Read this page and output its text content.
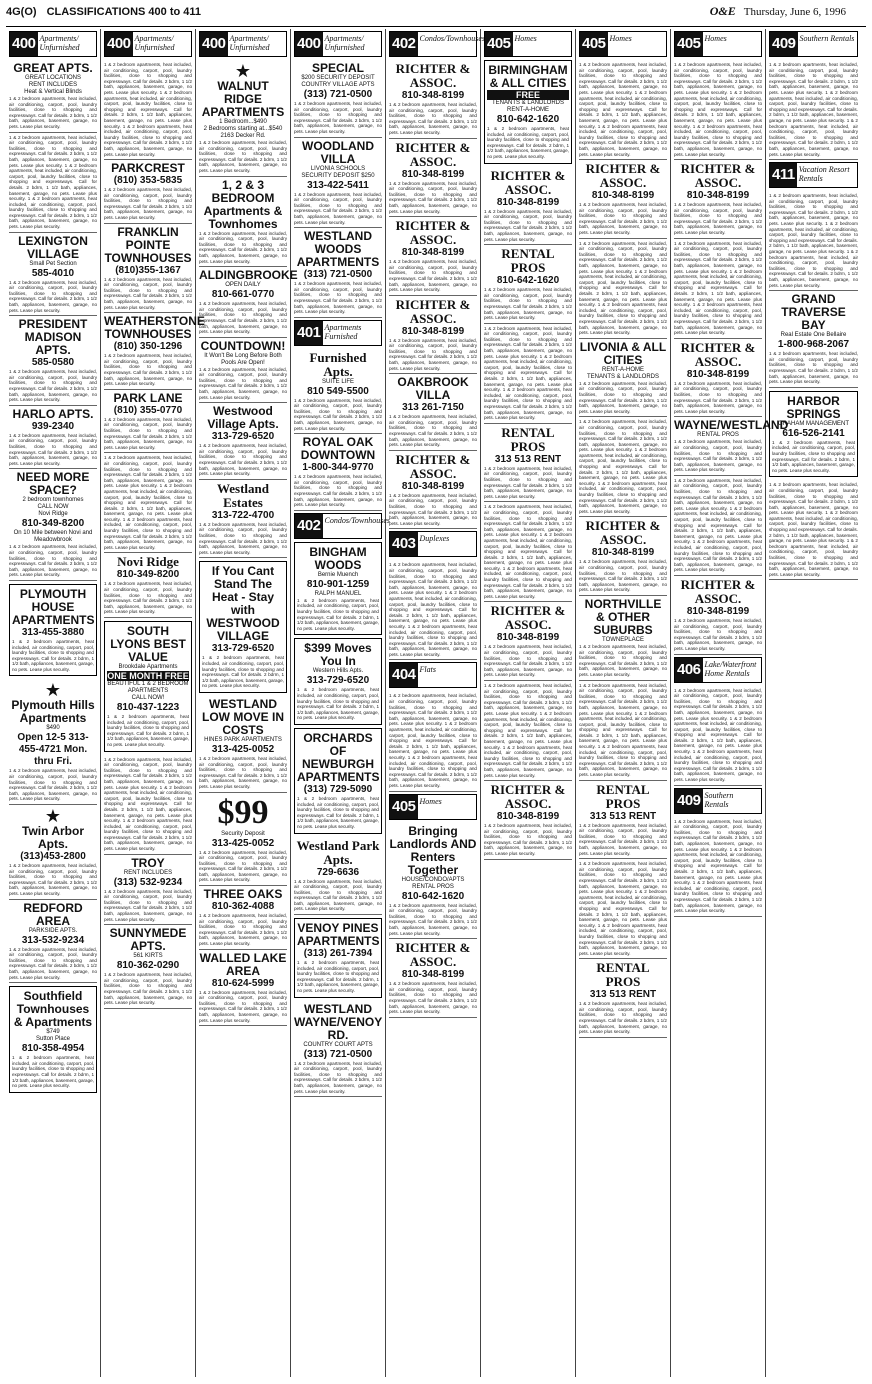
4G(O) CLASSIFICATIONS 400 to 411	O&E Thursday, June 6, 1996
400 Apartments/ Unfurnished
GREAT APTS.
GREAT LOCATIONS
RENT INCLUDES
Heat & Vertical Blinds
1 & 2 bedroom apartments, heat included, air conditioning, carport, pool, laundry facilities, close to shopping and expressways. Call for details. 2 bdrm, 1 1/2 bath, appliances, basement, garage, no pets. Lease plus security.
1 & 2 bedroom apartments, heat included, air conditioning, carport, pool, laundry facilities, close to shopping and expressways. Call for details. 2 bdrm, 1 1/2 bath, appliances, basement, garage, no pets. Lease plus security. 1 & 2 bedroom apartments, heat included, air conditioning, carport, pool, laundry facilities, close to shopping and expressways. Call for details. 2 bdrm, 1 1/2 bath, appliances, basement, garage, no pets. Lease plus security. 1 & 2 bedroom apartments, heat included, air conditioning, carport, pool, laundry facilities, close to shopping and expressways. Call for details. 2 bdrm, 1 1/2 bath, appliances, basement, garage, no pets. Lease plus security.
LEXINGTON VILLAGE
Small Pet Section
585-4010
1 & 2 bedroom apartments, heat included, air conditioning, carport, pool, laundry facilities, close to shopping and expressways. Call for details. 2 bdrm, 1 1/2 bath, appliances, basement, garage, no pets. Lease plus security.
PRESIDENT MADISON APTS.
585-0580
1 & 2 bedroom apartments, heat included, air conditioning, carport, pool, laundry facilities, close to shopping and expressways. Call for details. 2 bdrm, 1 1/2 bath, appliances, basement, garage, no pets. Lease plus security.
HARLO APTS.
939-2340
1 & 2 bedroom apartments, heat included, air conditioning, carport, pool, laundry facilities, close to shopping and expressways. Call for details. 2 bdrm, 1 1/2 bath, appliances, basement, garage, no pets. Lease plus security.
NEED MORE SPACE?
2 bedroom townhomes
CALL NOW
Novi Ridge
810-349-8200
On 10 Mile between Novi and Meadowbrook
1 & 2 bedroom apartments, heat included, air conditioning, carport, pool, laundry facilities, close to shopping and expressways. Call for details. 2 bdrm, 1 1/2 bath, appliances, basement, garage, no pets. Lease plus security.
PLYMOUTH HOUSE APARTMENTS
313-455-3880
1 & 2 bedroom apartments, heat included, air conditioning, carport, pool, laundry facilities, close to shopping and expressways. Call for details. 2 bdrm, 1 1/2 bath, appliances, basement, garage, no pets. Lease plus security.
★
Plymouth Hills Apartments
$490
Open 12-5 313-455-4721 Mon. thru Fri.
1 & 2 bedroom apartments, heat included, air conditioning, carport, pool, laundry facilities, close to shopping and expressways. Call for details. 2 bdrm, 1 1/2 bath, appliances, basement, garage, no pets. Lease plus security.
★
Twin Arbor Apts.
(313)453-2800
1 & 2 bedroom apartments, heat included, air conditioning, carport, pool, laundry facilities, close to shopping and expressways. Call for details. 2 bdrm, 1 1/2 bath, appliances, basement, garage, no pets. Lease plus security.
REDFORD AREA
PARKSIDE APTS.
313-532-9234
1 & 2 bedroom apartments, heat included, air conditioning, carport, pool, laundry facilities, close to shopping and expressways. Call for details. 2 bdrm, 1 1/2 bath, appliances, basement, garage, no pets. Lease plus security.
Southfield Townhouses & Apartments
$749
Sutton Place
810-358-4954
1 & 2 bedroom apartments, heat included, air conditioning, carport, pool, laundry facilities, close to shopping and expressways. Call for details. 2 bdrm, 1 1/2 bath, appliances, basement, garage, no pets. Lease plus security.
400 Apartments/ Unfurnished
1 & 2 bedroom apartments, heat included, air conditioning, carport, pool, laundry facilities, close to shopping and expressways. Call for details. 2 bdrm, 1 1/2 bath, appliances, basement, garage, no pets. Lease plus security. 1 & 2 bedroom apartments, heat included, air conditioning, carport, pool, laundry facilities, close to shopping and expressways. Call for details. 2 bdrm, 1 1/2 bath, appliances, basement, garage, no pets. Lease plus security. 1 & 2 bedroom apartments, heat included, air conditioning, carport, pool, laundry facilities, close to shopping and expressways. Call for details. 2 bdrm, 1 1/2 bath, appliances, basement, garage, no pets. Lease plus security.
PARKCREST
(810) 353-5835
1 & 2 bedroom apartments, heat included, air conditioning, carport, pool, laundry facilities, close to shopping and expressways. Call for details. 2 bdrm, 1 1/2 bath, appliances, basement, garage, no pets. Lease plus security.
FRANKLIN POINTE TOWNHOUSES
(810)355-1367
1 & 2 bedroom apartments, heat included, air conditioning, carport, pool, laundry facilities, close to shopping and expressways. Call for details. 2 bdrm, 1 1/2 bath, appliances, basement, garage, no pets. Lease plus security.
WEATHERSTONE TOWNHOUSES
(810) 350-1296
1 & 2 bedroom apartments, heat included, air conditioning, carport, pool, laundry facilities, close to shopping and expressways. Call for details. 2 bdrm, 1 1/2 bath, appliances, basement, garage, no pets. Lease plus security.
PARK LANE
(810) 355-0770
1 & 2 bedroom apartments, heat included, air conditioning, carport, pool, laundry facilities, close to shopping and expressways. Call for details. 2 bdrm, 1 1/2 bath, appliances, basement, garage, no pets. Lease plus security.
1 & 2 bedroom apartments, heat included, air conditioning, carport, pool, laundry facilities, close to shopping and expressways. Call for details. 2 bdrm, 1 1/2 bath, appliances, basement, garage, no pets. Lease plus security. 1 & 2 bedroom apartments, heat included, air conditioning, carport, pool, laundry facilities, close to shopping and expressways. Call for details. 2 bdrm, 1 1/2 bath, appliances, basement, garage, no pets. Lease plus security. 1 & 2 bedroom apartments, heat included, air conditioning, carport, pool, laundry facilities, close to shopping and expressways. Call for details. 2 bdrm, 1 1/2 bath, appliances, basement, garage, no pets. Lease plus security.
Novi Ridge
810-349-8200
1 & 2 bedroom apartments, heat included, air conditioning, carport, pool, laundry facilities, close to shopping and expressways. Call for details. 2 bdrm, 1 1/2 bath, appliances, basement, garage, no pets. Lease plus security.
SOUTH LYONS BEST VALUE
Brookdale Apartments
ONE MONTH FREE
BEAUTIFUL 1 & 2 BEDROOM APARTMENTS
CALL NOW!
810-437-1223
1 & 2 bedroom apartments, heat included, air conditioning, carport, pool, laundry facilities, close to shopping and expressways. Call for details. 2 bdrm, 1 1/2 bath, appliances, basement, garage, no pets. Lease plus security.
1 & 2 bedroom apartments, heat included, air conditioning, carport, pool, laundry facilities, close to shopping and expressways. Call for details. 2 bdrm, 1 1/2 bath, appliances, basement, garage, no pets. Lease plus security. 1 & 2 bedroom apartments, heat included, air conditioning, carport, pool, laundry facilities, close to shopping and expressways. Call for details. 2 bdrm, 1 1/2 bath, appliances, basement, garage, no pets. Lease plus security. 1 & 2 bedroom apartments, heat included, air conditioning, carport, pool, laundry facilities, close to shopping and expressways. Call for details. 2 bdrm, 1 1/2 bath, appliances, basement, garage, no pets. Lease plus security.
TROY
RENT INCLUDES
(313) 532-9234
1 & 2 bedroom apartments, heat included, air conditioning, carport, pool, laundry facilities, close to shopping and expressways. Call for details. 2 bdrm, 1 1/2 bath, appliances, basement, garage, no pets. Lease plus security.
SUNNYMEDE APTS.
561 KIRTS
810-362-0290
1 & 2 bedroom apartments, heat included, air conditioning, carport, pool, laundry facilities, close to shopping and expressways. Call for details. 2 bdrm, 1 1/2 bath, appliances, basement, garage, no pets. Lease plus security.
400 Apartments/ Unfurnished
★
WALNUT RIDGE APARTMENTS
1 Bedroom...$490
2 Bedrooms starting at...$540
2163 Decker Rd.
1 & 2 bedroom apartments, heat included, air conditioning, carport, pool, laundry facilities, close to shopping and expressways. Call for details. 2 bdrm, 1 1/2 bath, appliances, basement, garage, no pets. Lease plus security.
1, 2 & 3 BEDROOM Apartments & Townhomes
1 & 2 bedroom apartments, heat included, air conditioning, carport, pool, laundry facilities, close to shopping and expressways. Call for details. 2 bdrm, 1 1/2 bath, appliances, basement, garage, no pets. Lease plus security.
ALDINGBROOKE
OPEN DAILY
810-661-0770
1 & 2 bedroom apartments, heat included, air conditioning, carport, pool, laundry facilities, close to shopping and expressways. Call for details. 2 bdrm, 1 1/2 bath, appliances, basement, garage, no pets. Lease plus security.
COUNTDOWN!
It Won't Be Long Before Both Pools Are Open!
1 & 2 bedroom apartments, heat included, air conditioning, carport, pool, laundry facilities, close to shopping and expressways. Call for details. 2 bdrm, 1 1/2 bath, appliances, basement, garage, no pets. Lease plus security.
Westwood Village Apts.
313-729-6520
1 & 2 bedroom apartments, heat included, air conditioning, carport, pool, laundry facilities, close to shopping and expressways. Call for details. 2 bdrm, 1 1/2 bath, appliances, basement, garage, no pets. Lease plus security.
Westland Estates
313-722-4700
1 & 2 bedroom apartments, heat included, air conditioning, carport, pool, laundry facilities, close to shopping and expressways. Call for details. 2 bdrm, 1 1/2 bath, appliances, basement, garage, no pets. Lease plus security.
If You Cant Stand The Heat - Stay with WESTWOOD VILLAGE
313-729-6520
1 & 2 bedroom apartments, heat included, air conditioning, carport, pool, laundry facilities, close to shopping and expressways. Call for details. 2 bdrm, 1 1/2 bath, appliances, basement, garage, no pets. Lease plus security.
WESTLAND LOW MOVE IN COSTS
HINES PARK APARTMENTS
313-425-0052
1 & 2 bedroom apartments, heat included, air conditioning, carport, pool, laundry facilities, close to shopping and expressways. Call for details. 2 bdrm, 1 1/2 bath, appliances, basement, garage, no pets. Lease plus security.
$99
Security Deposit
313-425-0052
1 & 2 bedroom apartments, heat included, air conditioning, carport, pool, laundry facilities, close to shopping and expressways. Call for details. 2 bdrm, 1 1/2 bath, appliances, basement, garage, no pets. Lease plus security.
THREE OAKS
810-362-4088
1 & 2 bedroom apartments, heat included, air conditioning, carport, pool, laundry facilities, close to shopping and expressways. Call for details. 2 bdrm, 1 1/2 bath, appliances, basement, garage, no pets. Lease plus security.
WALLED LAKE AREA
810-624-5999
1 & 2 bedroom apartments, heat included, air conditioning, carport, pool, laundry facilities, close to shopping and expressways. Call for details. 2 bdrm, 1 1/2 bath, appliances, basement, garage, no pets. Lease plus security.
400 Apartments/ Unfurnished
SPECIAL
$200 SECURITY DEPOSIT
COUNTRY VILLAGE APTS
(313) 721-0500
1 & 2 bedroom apartments, heat included, air conditioning, carport, pool, laundry facilities, close to shopping and expressways. Call for details. 2 bdrm, 1 1/2 bath, appliances, basement, garage, no pets. Lease plus security.
WOODLAND VILLA
LIVONIA SCHOOLS
SECURITY DEPOSIT $250
313-422-5411
1 & 2 bedroom apartments, heat included, air conditioning, carport, pool, laundry facilities, close to shopping and expressways. Call for details. 2 bdrm, 1 1/2 bath, appliances, basement, garage, no pets. Lease plus security.
WESTLAND WOODS APARTMENTS
(313) 721-0500
1 & 2 bedroom apartments, heat included, air conditioning, carport, pool, laundry facilities, close to shopping and expressways. Call for details. 2 bdrm, 1 1/2 bath, appliances, basement, garage, no pets. Lease plus security.
401 Apartments Furnished
Furnished Apts.
SUITE LIFE
810 549-5500
1 & 2 bedroom apartments, heat included, air conditioning, carport, pool, laundry facilities, close to shopping and expressways. Call for details. 2 bdrm, 1 1/2 bath, appliances, basement, garage, no pets. Lease plus security.
ROYAL OAK DOWNTOWN
1-800-344-9770
1 & 2 bedroom apartments, heat included, air conditioning, carport, pool, laundry facilities, close to shopping and expressways. Call for details. 2 bdrm, 1 1/2 bath, appliances, basement, garage, no pets. Lease plus security.
402 Condos/Townhouses
BINGHAM WOODS
Bernie Muench
810-901-1259
RALPH MANUEL
1 & 2 bedroom apartments, heat included, air conditioning, carport, pool, laundry facilities, close to shopping and expressways. Call for details. 2 bdrm, 1 1/2 bath, appliances, basement, garage, no pets. Lease plus security.
$399 Moves You In
Western Hills Apts.
313-729-6520
1 & 2 bedroom apartments, heat included, air conditioning, carport, pool, laundry facilities, close to shopping and expressways. Call for details. 2 bdrm, 1 1/2 bath, appliances, basement, garage, no pets. Lease plus security.
ORCHARDS OF NEWBURGH APARTMENTS
(313) 729-5090
1 & 2 bedroom apartments, heat included, air conditioning, carport, pool, laundry facilities, close to shopping and expressways. Call for details. 2 bdrm, 1 1/2 bath, appliances, basement, garage, no pets. Lease plus security.
Westland Park Apts.
729-6636
1 & 2 bedroom apartments, heat included, air conditioning, carport, pool, laundry facilities, close to shopping and expressways. Call for details. 2 bdrm, 1 1/2 bath, appliances, basement, garage, no pets. Lease plus security.
VENOY PINES APARTMENTS
(313) 261-7394
1 & 2 bedroom apartments, heat included, air conditioning, carport, pool, laundry facilities, close to shopping and expressways. Call for details. 2 bdrm, 1 1/2 bath, appliances, basement, garage, no pets. Lease plus security.
WESTLAND WAYNE/VENOY RD.
COUNTRY COURT APTS
(313) 721-0500
1 & 2 bedroom apartments, heat included, air conditioning, carport, pool, laundry facilities, close to shopping and expressways. Call for details. 2 bdrm, 1 1/2 bath, appliances, basement, garage, no pets. Lease plus security.
402 Condos/Townhouses
RICHTER & ASSOC.
810-348-8199
1 & 2 bedroom apartments, heat included, air conditioning, carport, pool, laundry facilities, close to shopping and expressways. Call for details. 2 bdrm, 1 1/2 bath, appliances, basement, garage, no pets. Lease plus security.
RICHTER & ASSOC.
810-348-8199
1 & 2 bedroom apartments, heat included, air conditioning, carport, pool, laundry facilities, close to shopping and expressways. Call for details. 2 bdrm, 1 1/2 bath, appliances, basement, garage, no pets. Lease plus security.
RICHTER & ASSOC.
810-348-8199
1 & 2 bedroom apartments, heat included, air conditioning, carport, pool, laundry facilities, close to shopping and expressways. Call for details. 2 bdrm, 1 1/2 bath, appliances, basement, garage, no pets. Lease plus security.
RICHTER & ASSOC.
810-348-8199
1 & 2 bedroom apartments, heat included, air conditioning, carport, pool, laundry facilities, close to shopping and expressways. Call for details. 2 bdrm, 1 1/2 bath, appliances, basement, garage, no pets. Lease plus security.
OAKBROOK VILLA
313 261-7150
1 & 2 bedroom apartments, heat included, air conditioning, carport, pool, laundry facilities, close to shopping and expressways. Call for details. 2 bdrm, 1 1/2 bath, appliances, basement, garage, no pets. Lease plus security.
RICHTER & ASSOC.
810-348-8199
1 & 2 bedroom apartments, heat included, air conditioning, carport, pool, laundry facilities, close to shopping and expressways. Call for details. 2 bdrm, 1 1/2 bath, appliances, basement, garage, no pets. Lease plus security.
403 Duplexes
1 & 2 bedroom apartments, heat included, air conditioning, carport, pool, laundry facilities, close to shopping and expressways. Call for details. 2 bdrm, 1 1/2 bath, appliances, basement, garage, no pets. Lease plus security. 1 & 2 bedroom apartments, heat included, air conditioning, carport, pool, laundry facilities, close to shopping and expressways. Call for details. 2 bdrm, 1 1/2 bath, appliances, basement, garage, no pets. Lease plus security. 1 & 2 bedroom apartments, heat included, air conditioning, carport, pool, laundry facilities, close to shopping and expressways. Call for details. 2 bdrm, 1 1/2 bath, appliances, basement, garage, no pets. Lease plus security.
404 Flats
1 & 2 bedroom apartments, heat included, air conditioning, carport, pool, laundry facilities, close to shopping and expressways. Call for details. 2 bdrm, 1 1/2 bath, appliances, basement, garage, no pets. Lease plus security. 1 & 2 bedroom apartments, heat included, air conditioning, carport, pool, laundry facilities, close to shopping and expressways. Call for details. 2 bdrm, 1 1/2 bath, appliances, basement, garage, no pets. Lease plus security. 1 & 2 bedroom apartments, heat included, air conditioning, carport, pool, laundry facilities, close to shopping and expressways. Call for details. 2 bdrm, 1 1/2 bath, appliances, basement, garage, no pets. Lease plus security.
405 Homes
Bringing Landlords AND Renters Together
HOUSE/CONDO/APTS
RENTAL PROS
810-642-1620
1 & 2 bedroom apartments, heat included, air conditioning, carport, pool, laundry facilities, close to shopping and expressways. Call for details. 2 bdrm, 1 1/2 bath, appliances, basement, garage, no pets. Lease plus security.
RICHTER & ASSOC.
810-348-8199
1 & 2 bedroom apartments, heat included, air conditioning, carport, pool, laundry facilities, close to shopping and expressways. Call for details. 2 bdrm, 1 1/2 bath, appliances, basement, garage, no pets. Lease plus security.
405 Homes
BIRMINGHAM & ALL CITIES
FREE
TENANTS & LANDLORDS
RENT-A-HOME
810-642-1620
1 & 2 bedroom apartments, heat included, air conditioning, carport, pool, laundry facilities, close to shopping and expressways. Call for details. 2 bdrm, 1 1/2 bath, appliances, basement, garage, no pets. Lease plus security.
RICHTER & ASSOC.
810-348-8199
1 & 2 bedroom apartments, heat included, air conditioning, carport, pool, laundry facilities, close to shopping and expressways. Call for details. 2 bdrm, 1 1/2 bath, appliances, basement, garage, no pets. Lease plus security.
RENTAL PROS
810-642-1620
1 & 2 bedroom apartments, heat included, air conditioning, carport, pool, laundry facilities, close to shopping and expressways. Call for details. 2 bdrm, 1 1/2 bath, appliances, basement, garage, no pets. Lease plus security.
1 & 2 bedroom apartments, heat included, air conditioning, carport, pool, laundry facilities, close to shopping and expressways. Call for details. 2 bdrm, 1 1/2 bath, appliances, basement, garage, no pets. Lease plus security. 1 & 2 bedroom apartments, heat included, air conditioning, carport, pool, laundry facilities, close to shopping and expressways. Call for details. 2 bdrm, 1 1/2 bath, appliances, basement, garage, no pets. Lease plus security. 1 & 2 bedroom apartments, heat included, air conditioning, carport, pool, laundry facilities, close to shopping and expressways. Call for details. 2 bdrm, 1 1/2 bath, appliances, basement, garage, no pets. Lease plus security.
RENTAL PROS
313 513 RENT
1 & 2 bedroom apartments, heat included, air conditioning, carport, pool, laundry facilities, close to shopping and expressways. Call for details. 2 bdrm, 1 1/2 bath, appliances, basement, garage, no pets. Lease plus security.
1 & 2 bedroom apartments, heat included, air conditioning, carport, pool, laundry facilities, close to shopping and expressways. Call for details. 2 bdrm, 1 1/2 bath, appliances, basement, garage, no pets. Lease plus security. 1 & 2 bedroom apartments, heat included, air conditioning, carport, pool, laundry facilities, close to shopping and expressways. Call for details. 2 bdrm, 1 1/2 bath, appliances, basement, garage, no pets. Lease plus security. 1 & 2 bedroom apartments, heat included, air conditioning, carport, pool, laundry facilities, close to shopping and expressways. Call for details. 2 bdrm, 1 1/2 bath, appliances, basement, garage, no pets. Lease plus security.
RICHTER & ASSOC.
810-348-8199
1 & 2 bedroom apartments, heat included, air conditioning, carport, pool, laundry facilities, close to shopping and expressways. Call for details. 2 bdrm, 1 1/2 bath, appliances, basement, garage, no pets. Lease plus security.
1 & 2 bedroom apartments, heat included, air conditioning, carport, pool, laundry facilities, close to shopping and expressways. Call for details. 2 bdrm, 1 1/2 bath, appliances, basement, garage, no pets. Lease plus security. 1 & 2 bedroom apartments, heat included, air conditioning, carport, pool, laundry facilities, close to shopping and expressways. Call for details. 2 bdrm, 1 1/2 bath, appliances, basement, garage, no pets. Lease plus security. 1 & 2 bedroom apartments, heat included, air conditioning, carport, pool, laundry facilities, close to shopping and expressways. Call for details. 2 bdrm, 1 1/2 bath, appliances, basement, garage, no pets. Lease plus security.
RICHTER & ASSOC.
810-348-8199
1 & 2 bedroom apartments, heat included, air conditioning, carport, pool, laundry facilities, close to shopping and expressways. Call for details. 2 bdrm, 1 1/2 bath, appliances, basement, garage, no pets. Lease plus security.
405 Homes
1 & 2 bedroom apartments, heat included, air conditioning, carport, pool, laundry facilities, close to shopping and expressways. Call for details. 2 bdrm, 1 1/2 bath, appliances, basement, garage, no pets. Lease plus security. 1 & 2 bedroom apartments, heat included, air conditioning, carport, pool, laundry facilities, close to shopping and expressways. Call for details. 2 bdrm, 1 1/2 bath, appliances, basement, garage, no pets. Lease plus security. 1 & 2 bedroom apartments, heat included, air conditioning, carport, pool, laundry facilities, close to shopping and expressways. Call for details. 2 bdrm, 1 1/2 bath, appliances, basement, garage, no pets. Lease plus security.
RICHTER & ASSOC.
810-348-8199
1 & 2 bedroom apartments, heat included, air conditioning, carport, pool, laundry facilities, close to shopping and expressways. Call for details. 2 bdrm, 1 1/2 bath, appliances, basement, garage, no pets. Lease plus security.
1 & 2 bedroom apartments, heat included, air conditioning, carport, pool, laundry facilities, close to shopping and expressways. Call for details. 2 bdrm, 1 1/2 bath, appliances, basement, garage, no pets. Lease plus security. 1 & 2 bedroom apartments, heat included, air conditioning, carport, pool, laundry facilities, close to shopping and expressways. Call for details. 2 bdrm, 1 1/2 bath, appliances, basement, garage, no pets. Lease plus security. 1 & 2 bedroom apartments, heat included, air conditioning, carport, pool, laundry facilities, close to shopping and expressways. Call for details. 2 bdrm, 1 1/2 bath, appliances, basement, garage, no pets. Lease plus security.
LIVONIA & ALL CITIES
RENT-A-HOME
TENANTS & LANDLORDS
1 & 2 bedroom apartments, heat included, air conditioning, carport, pool, laundry facilities, close to shopping and expressways. Call for details. 2 bdrm, 1 1/2 bath, appliances, basement, garage, no pets. Lease plus security.
1 & 2 bedroom apartments, heat included, air conditioning, carport, pool, laundry facilities, close to shopping and expressways. Call for details. 2 bdrm, 1 1/2 bath, appliances, basement, garage, no pets. Lease plus security. 1 & 2 bedroom apartments, heat included, air conditioning, carport, pool, laundry facilities, close to shopping and expressways. Call for details. 2 bdrm, 1 1/2 bath, appliances, basement, garage, no pets. Lease plus security. 1 & 2 bedroom apartments, heat included, air conditioning, carport, pool, laundry facilities, close to shopping and expressways. Call for details. 2 bdrm, 1 1/2 bath, appliances, basement, garage, no pets. Lease plus security.
RICHTER & ASSOC.
810-348-8199
1 & 2 bedroom apartments, heat included, air conditioning, carport, pool, laundry facilities, close to shopping and expressways. Call for details. 2 bdrm, 1 1/2 bath, appliances, basement, garage, no pets. Lease plus security.
NORTHVILLE & OTHER SUBURBS
TOWNEPLACE
1 & 2 bedroom apartments, heat included, air conditioning, carport, pool, laundry facilities, close to shopping and expressways. Call for details. 2 bdrm, 1 1/2 bath, appliances, basement, garage, no pets. Lease plus security.
1 & 2 bedroom apartments, heat included, air conditioning, carport, pool, laundry facilities, close to shopping and expressways. Call for details. 2 bdrm, 1 1/2 bath, appliances, basement, garage, no pets. Lease plus security. 1 & 2 bedroom apartments, heat included, air conditioning, carport, pool, laundry facilities, close to shopping and expressways. Call for details. 2 bdrm, 1 1/2 bath, appliances, basement, garage, no pets. Lease plus security. 1 & 2 bedroom apartments, heat included, air conditioning, carport, pool, laundry facilities, close to shopping and expressways. Call for details. 2 bdrm, 1 1/2 bath, appliances, basement, garage, no pets. Lease plus security.
RENTAL PROS
313 513 RENT
1 & 2 bedroom apartments, heat included, air conditioning, carport, pool, laundry facilities, close to shopping and expressways. Call for details. 2 bdrm, 1 1/2 bath, appliances, basement, garage, no pets. Lease plus security.
1 & 2 bedroom apartments, heat included, air conditioning, carport, pool, laundry facilities, close to shopping and expressways. Call for details. 2 bdrm, 1 1/2 bath, appliances, basement, garage, no pets. Lease plus security. 1 & 2 bedroom apartments, heat included, air conditioning, carport, pool, laundry facilities, close to shopping and expressways. Call for details. 2 bdrm, 1 1/2 bath, appliances, basement, garage, no pets. Lease plus security. 1 & 2 bedroom apartments, heat included, air conditioning, carport, pool, laundry facilities, close to shopping and expressways. Call for details. 2 bdrm, 1 1/2 bath, appliances, basement, garage, no pets. Lease plus security.
RENTAL PROS
313 513 RENT
1 & 2 bedroom apartments, heat included, air conditioning, carport, pool, laundry facilities, close to shopping and expressways. Call for details. 2 bdrm, 1 1/2 bath, appliances, basement, garage, no pets. Lease plus security.
405 Homes
1 & 2 bedroom apartments, heat included, air conditioning, carport, pool, laundry facilities, close to shopping and expressways. Call for details. 2 bdrm, 1 1/2 bath, appliances, basement, garage, no pets. Lease plus security. 1 & 2 bedroom apartments, heat included, air conditioning, carport, pool, laundry facilities, close to shopping and expressways. Call for details. 2 bdrm, 1 1/2 bath, appliances, basement, garage, no pets. Lease plus security. 1 & 2 bedroom apartments, heat included, air conditioning, carport, pool, laundry facilities, close to shopping and expressways. Call for details. 2 bdrm, 1 1/2 bath, appliances, basement, garage, no pets. Lease plus security.
RICHTER & ASSOC.
810-348-8199
1 & 2 bedroom apartments, heat included, air conditioning, carport, pool, laundry facilities, close to shopping and expressways. Call for details. 2 bdrm, 1 1/2 bath, appliances, basement, garage, no pets. Lease plus security.
1 & 2 bedroom apartments, heat included, air conditioning, carport, pool, laundry facilities, close to shopping and expressways. Call for details. 2 bdrm, 1 1/2 bath, appliances, basement, garage, no pets. Lease plus security. 1 & 2 bedroom apartments, heat included, air conditioning, carport, pool, laundry facilities, close to shopping and expressways. Call for details. 2 bdrm, 1 1/2 bath, appliances, basement, garage, no pets. Lease plus security. 1 & 2 bedroom apartments, heat included, air conditioning, carport, pool, laundry facilities, close to shopping and expressways. Call for details. 2 bdrm, 1 1/2 bath, appliances, basement, garage, no pets. Lease plus security.
RICHTER & ASSOC.
810-348-8199
1 & 2 bedroom apartments, heat included, air conditioning, carport, pool, laundry facilities, close to shopping and expressways. Call for details. 2 bdrm, 1 1/2 bath, appliances, basement, garage, no pets. Lease plus security.
WAYNE/WESTLAND
RENTAL PROS
1 & 2 bedroom apartments, heat included, air conditioning, carport, pool, laundry facilities, close to shopping and expressways. Call for details. 2 bdrm, 1 1/2 bath, appliances, basement, garage, no pets. Lease plus security.
1 & 2 bedroom apartments, heat included, air conditioning, carport, pool, laundry facilities, close to shopping and expressways. Call for details. 2 bdrm, 1 1/2 bath, appliances, basement, garage, no pets. Lease plus security. 1 & 2 bedroom apartments, heat included, air conditioning, carport, pool, laundry facilities, close to shopping and expressways. Call for details. 2 bdrm, 1 1/2 bath, appliances, basement, garage, no pets. Lease plus security. 1 & 2 bedroom apartments, heat included, air conditioning, carport, pool, laundry facilities, close to shopping and expressways. Call for details. 2 bdrm, 1 1/2 bath, appliances, basement, garage, no pets. Lease plus security.
RICHTER & ASSOC.
810-348-8199
1 & 2 bedroom apartments, heat included, air conditioning, carport, pool, laundry facilities, close to shopping and expressways. Call for details. 2 bdrm, 1 1/2 bath, appliances, basement, garage, no pets. Lease plus security.
406 Lake/Waterfront Home Rentals
1 & 2 bedroom apartments, heat included, air conditioning, carport, pool, laundry facilities, close to shopping and expressways. Call for details. 2 bdrm, 1 1/2 bath, appliances, basement, garage, no pets. Lease plus security. 1 & 2 bedroom apartments, heat included, air conditioning, carport, pool, laundry facilities, close to shopping and expressways. Call for details. 2 bdrm, 1 1/2 bath, appliances, basement, garage, no pets. Lease plus security. 1 & 2 bedroom apartments, heat included, air conditioning, carport, pool, laundry facilities, close to shopping and expressways. Call for details. 2 bdrm, 1 1/2 bath, appliances, basement, garage, no pets. Lease plus security.
409 Southern Rentals
1 & 2 bedroom apartments, heat included, air conditioning, carport, pool, laundry facilities, close to shopping and expressways. Call for details. 2 bdrm, 1 1/2 bath, appliances, basement, garage, no pets. Lease plus security. 1 & 2 bedroom apartments, heat included, air conditioning, carport, pool, laundry facilities, close to shopping and expressways. Call for details. 2 bdrm, 1 1/2 bath, appliances, basement, garage, no pets. Lease plus security. 1 & 2 bedroom apartments, heat included, air conditioning, carport, pool, laundry facilities, close to shopping and expressways. Call for details. 2 bdrm, 1 1/2 bath, appliances, basement, garage, no pets. Lease plus security.
409 Southern Rentals
1 & 2 bedroom apartments, heat included, air conditioning, carport, pool, laundry facilities, close to shopping and expressways. Call for details. 2 bdrm, 1 1/2 bath, appliances, basement, garage, no pets. Lease plus security. 1 & 2 bedroom apartments, heat included, air conditioning, carport, pool, laundry facilities, close to shopping and expressways. Call for details. 2 bdrm, 1 1/2 bath, appliances, basement, garage, no pets. Lease plus security. 1 & 2 bedroom apartments, heat included, air conditioning, carport, pool, laundry facilities, close to shopping and expressways. Call for details. 2 bdrm, 1 1/2 bath, appliances, basement, garage, no pets. Lease plus security.
411 Vacation Resort Rentals
1 & 2 bedroom apartments, heat included, air conditioning, carport, pool, laundry facilities, close to shopping and expressways. Call for details. 2 bdrm, 1 1/2 bath, appliances, basement, garage, no pets. Lease plus security. 1 & 2 bedroom apartments, heat included, air conditioning, carport, pool, laundry facilities, close to shopping and expressways. Call for details. 2 bdrm, 1 1/2 bath, appliances, basement, garage, no pets. Lease plus security. 1 & 2 bedroom apartments, heat included, air conditioning, carport, pool, laundry facilities, close to shopping and expressways. Call for details. 2 bdrm, 1 1/2 bath, appliances, basement, garage, no pets. Lease plus security.
GRAND TRAVERSE BAY
Real Estate One Bellaire
1-800-968-2067
1 & 2 bedroom apartments, heat included, air conditioning, carport, pool, laundry facilities, close to shopping and expressways. Call for details. 2 bdrm, 1 1/2 bath, appliances, basement, garage, no pets. Lease plus security.
HARBOR SPRINGS
GRAHAM MANAGEMENT
616-526-2141
1 & 2 bedroom apartments, heat included, air conditioning, carport, pool, laundry facilities, close to shopping and expressways. Call for details. 2 bdrm, 1 1/2 bath, appliances, basement, garage, no pets. Lease plus security.
1 & 2 bedroom apartments, heat included, air conditioning, carport, pool, laundry facilities, close to shopping and expressways. Call for details. 2 bdrm, 1 1/2 bath, appliances, basement, garage, no pets. Lease plus security. 1 & 2 bedroom apartments, heat included, air conditioning, carport, pool, laundry facilities, close to shopping and expressways. Call for details. 2 bdrm, 1 1/2 bath, appliances, basement, garage, no pets. Lease plus security. 1 & 2 bedroom apartments, heat included, air conditioning, carport, pool, laundry facilities, close to shopping and expressways. Call for details. 2 bdrm, 1 1/2 bath, appliances, basement, garage, no pets. Lease plus security.
